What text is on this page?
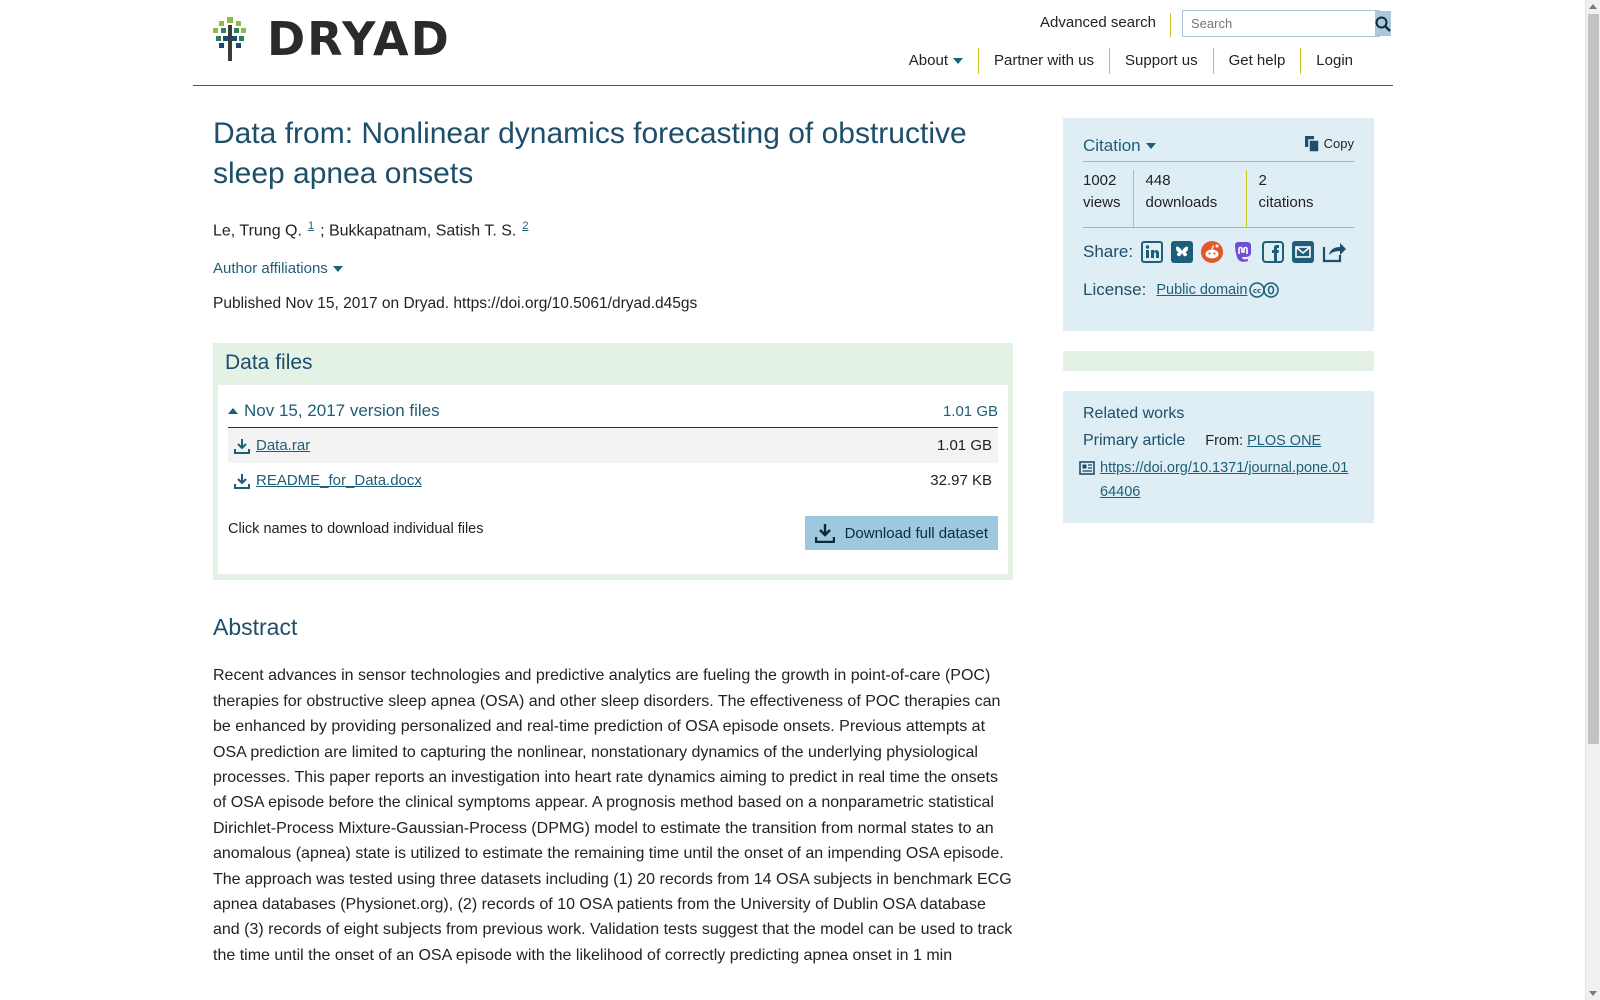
DRYAD	Advanced search
Search
About	Partner with us Support us Get help Login
Data from: Nonlinear dynamics forecasting of obstructive sleep apnea onsets
Le, Trung Q. $^1$ ; Bukkapatnam, Satish T. S. $^2$
Author affiliations
Published Nov 15, 2017 on Dryad. https://doi.org/10.5061/dryad.d45gs
Data files
Nov 15, 2017 version files	1.01 GB
Data.rar	1.01 GB
README_for_Data.docx	32.97 KB
Click names to download individual files	Download full dataset
Abstract

Recent advances in sensor technologies and predictive analytics are fueling the growth in point-of-care (POC) therapies for obstructive sleep apnea (OSA) and other sleep disorders. The effectiveness of POC therapies can be enhanced by providing personalized and real-time prediction of OSA episode onsets. Previous attempts at OSA prediction are limited to capturing the nonlinear, nonstationary dynamics of the underlying physiological processes. This paper reports an investigation into heart rate dynamics aiming to predict in real time the onsets of OSA episode before the clinical symptoms appear. A prognosis method based on a nonparametric statistical Dirichlet-Process Mixture-Gaussian-Process (DPMG) model to estimate the transition from normal states to an anomalous (apnea) state is utilized to estimate the remaining time until the onset of an impending OSA episode. The approach was tested using three datasets including (1) 20 records from 14 OSA subjects in benchmark ECG apnea databases (Physionet.org), (2) records of 10 OSA patients from the University of Dublin OSA database and (3) records of eight subjects from previous work. Validation tests suggest that the model can be used to track the time until the onset of an OSA episode with the likelihood of correctly predicting apnea onset in 1 min

Citation	Copy
1002
views
448
downloads
2
citations
Share:
License: Public domain cc
Related works
Primary article From: PLOS ONE
https://doi.org/10.1371/journal.pone.0164406
